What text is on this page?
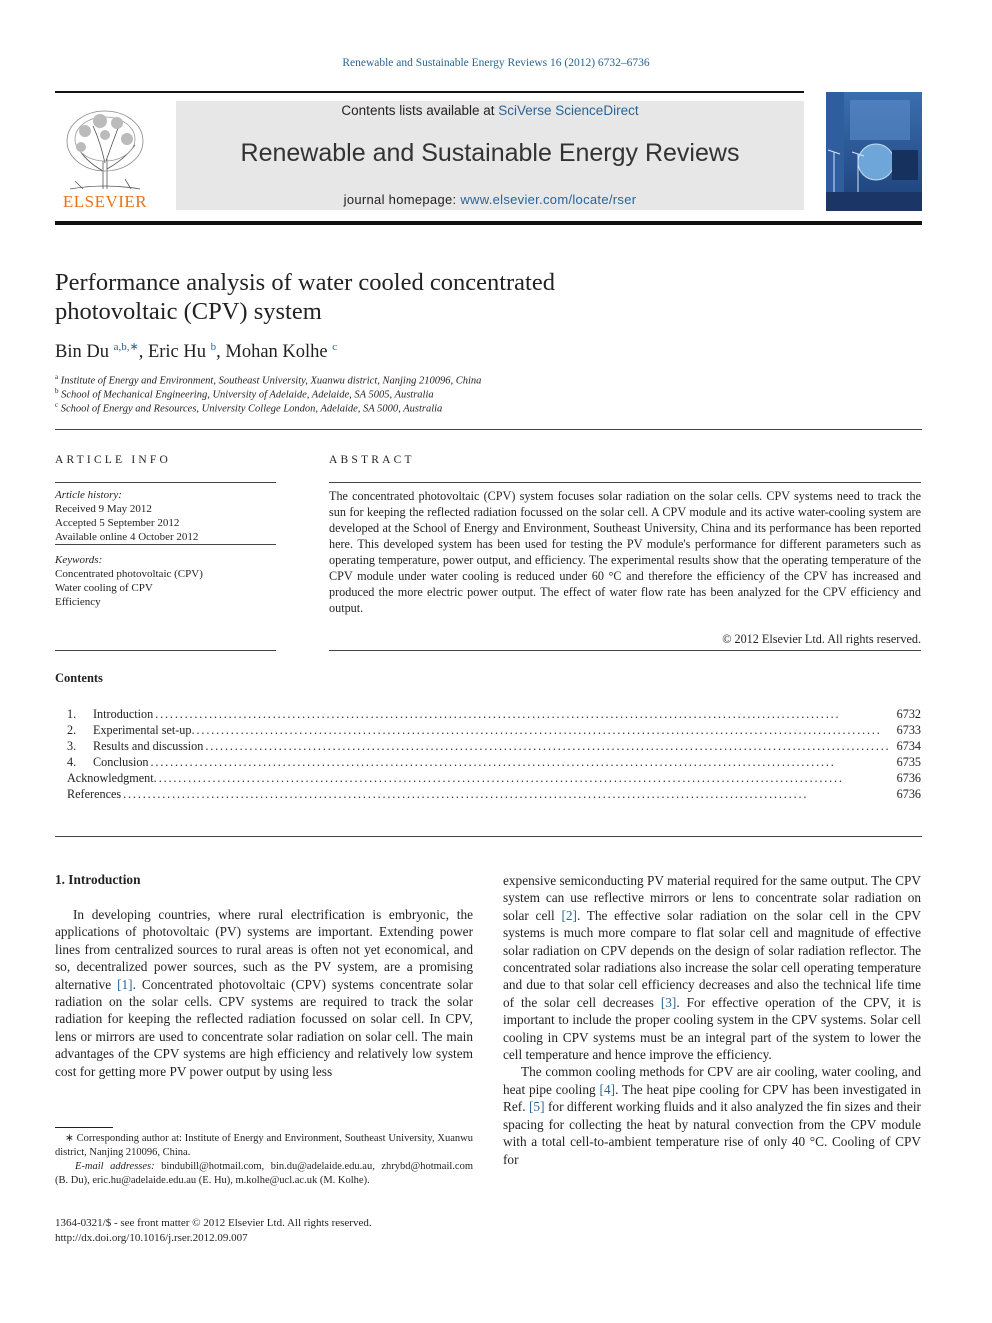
Renewable and Sustainable Energy Reviews 16 (2012) 6732–6736
ELSEVIER
Contents lists available at SciVerse ScienceDirect
Renewable and Sustainable Energy Reviews
journal homepage: www.elsevier.com/locate/rser
Performance analysis of water cooled concentrated
photovoltaic (CPV) system
Bin Du $^{a,b,∗}$, Eric Hu $^b$, Mohan Kolhe $^c$
$^a$ Institute of Energy and Environment, Southeast University, Xuanwu district, Nanjing 210096, China
$^b$ School of Mechanical Engineering, University of Adelaide, Adelaide, SA 5005, Australia
$^c$ School of Energy and Resources, University College London, Adelaide, SA 5000, Australia
ARTICLE INFO
Article history:
Received 9 May 2012
Accepted 5 September 2012
Available online 4 October 2012
Keywords:
Concentrated photovoltaic (CPV)
Water cooling of CPV
Efficiency
ABSTRACT
The concentrated photovoltaic (CPV) system focuses solar radiation on the solar cells. CPV systems need to track the sun for keeping the reflected radiation focussed on the solar cell. A CPV module and its active water-cooling system are developed at the School of Energy and Environment, Southeast University, China and its performance has been reported here. This developed system has been used for testing the PV module's performance for different parameters such as operating temperature, power output, and efficiency. The experimental results show that the operating temperature of the CPV module under water cooling is reduced under 60 °C and therefore the efficiency of the CPV has increased and produced the more electric power output. The effect of water flow rate has been analyzed for the CPV efficiency and output.
© 2012 Elsevier Ltd. All rights reserved.
Contents
1.	Introduction . . .	6732
2.	Experimental set-up. . . .	6733
3.	Results and discussion . . .	6734
4.	Conclusion . . .	6735
Acknowledgment. . . .	6736
References . . .	6736
1. Introduction

In developing countries, where rural electrification is embryonic, the applications of photovoltaic (PV) systems are important. Extending power lines from centralized sources to rural areas is often not yet economical, and so, decentralized power sources, such as the PV system, are a promising alternative [1]. Concentrated photovoltaic (CPV) systems concentrate solar radiation on the solar cells. CPV systems are required to track the solar radiation for keeping the reflected radiation focussed on solar cell. In CPV, lens or mirrors are used to concentrate solar radiation on solar cell. The main advantages of the CPV systems are high efficiency and relatively low system cost for getting more PV power output by using less

expensive semiconducting PV material required for the same output. The CPV system can use reflective mirrors or lens to concentrate solar radiation on solar cell [2]. The effective solar radiation on the solar cell in the CPV systems is much more compare to flat solar cell and magnitude of effective solar radiation on CPV depends on the design of solar radiation reflector. The concentrated solar radiations also increase the solar cell operating temperature and due to that solar cell efficiency decreases and also the technical life time of the solar cell decreases [3]. For effective operation of the CPV, it is important to include the proper cooling system in the CPV systems. Solar cell cooling in CPV systems must be an integral part of the system to lower the cell temperature and hence improve the efficiency.

The common cooling methods for CPV are air cooling, water cooling, and heat pipe cooling [4]. The heat pipe cooling for CPV has been investigated in Ref. [5] for different working fluids and it also analyzed the fin sizes and their spacing for collecting the heat by natural convection from the CPV module with a total cell-to-ambient temperature rise of only 40 °C. Cooling of CPV for

∗ Corresponding author at: Institute of Energy and Environment, Southeast University, Xuanwu district, Nanjing 210096, China.
E-mail addresses: bindubill@hotmail.com, bin.du@adelaide.edu.au, zhrybd@hotmail.com (B. Du), eric.hu@adelaide.edu.au (E. Hu), m.kolhe@ucl.ac.uk (M. Kolhe).
1364-0321/$ - see front matter © 2012 Elsevier Ltd. All rights reserved.
http://dx.doi.org/10.1016/j.rser.2012.09.007
